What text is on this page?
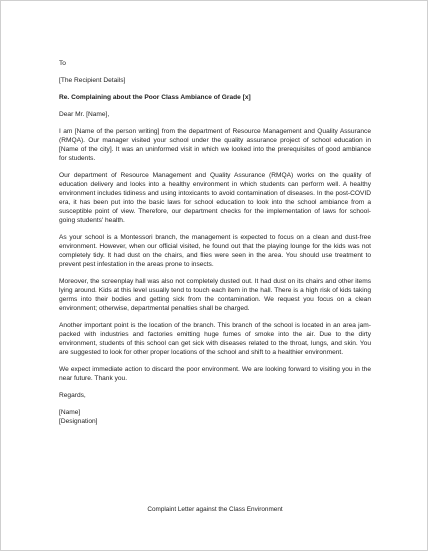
To

[The Recipient Details]

Re. Complaining about the Poor Class Ambiance of Grade [x]

Dear Mr. [Name],

I am [Name of the person writing] from the department of Resource Management and Quality Assurance (RMQA). Our manager visited your school under the quality assurance project of school education in [Name of the city]. It was an uninformed visit in which we looked into the prerequisites of good ambiance for students.

Our department of Resource Management and Quality Assurance (RMQA) works on the quality of education delivery and looks into a healthy environment in which students can perform well. A healthy environment includes tidiness and using intoxicants to avoid contamination of diseases. In the post-COVID era, it has been put into the basic laws for school education to look into the school ambiance from a susceptible point of view. Therefore, our department checks for the implementation of laws for school-going students' health.

As your school is a Montessori branch, the management is expected to focus on a clean and dust-free environment. However, when our official visited, he found out that the playing lounge for the kids was not completely tidy. It had dust on the chairs, and flies were seen in the area. You should use treatment to prevent pest infestation in the areas prone to insects.

Moreover, the screenplay hall was also not completely dusted out. It had dust on its chairs and other items lying around. Kids at this level usually tend to touch each item in the hall. There is a high risk of kids taking germs into their bodies and getting sick from the contamination. We request you focus on a clean environment; otherwise, departmental penalties shall be charged.

Another important point is the location of the branch. This branch of the school is located in an area jam-packed with industries and factories emitting huge fumes of smoke into the air. Due to the dirty environment, students of this school can get sick with diseases related to the throat, lungs, and skin. You are suggested to look for other proper locations of the school and shift to a healthier environment.

We expect immediate action to discard the poor environment. We are looking forward to visiting you in the near future. Thank you.

Regards,

[Name]

[Designation]

Complaint Letter against the Class Environment
